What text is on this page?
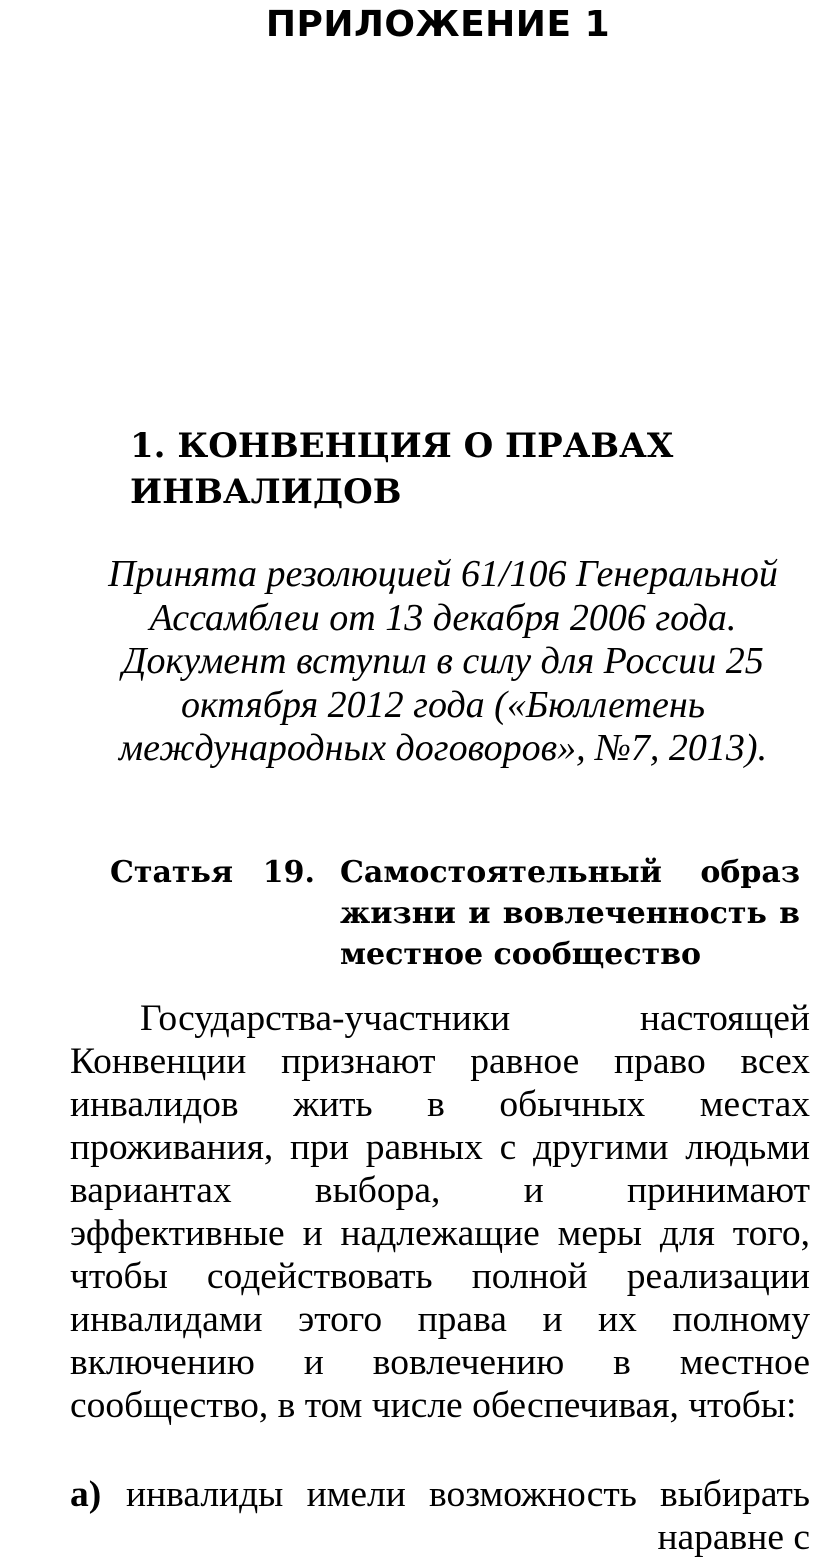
ПРИЛОЖЕНИЕ 1
1. КОНВЕНЦИЯ О ПРАВАХ ИНВАЛИДОВ

Принята резолюцией 61/106 Генеральной Ассамблеи от 13 декабря 2006 года. Документ вступил в силу для России 25 октября 2012 года («Бюллетень международных договоров», №7, 2013).

Статья 19. Самостоятельный образ жизни и вовлеченность в местное сообщество

Государства-участники настоящей Конвенции признают равное право всех инвалидов жить в обычных местах проживания, при равных с другими людьми вариантах выбора, и принимают эффективные и надлежащие меры для того, чтобы содействовать полной реализации инвалидами этого права и их полному включению и вовлечению в местное сообщество, в том числе обеспечивая, чтобы:

а) инвалиды имели возможность выбирать наравне с
